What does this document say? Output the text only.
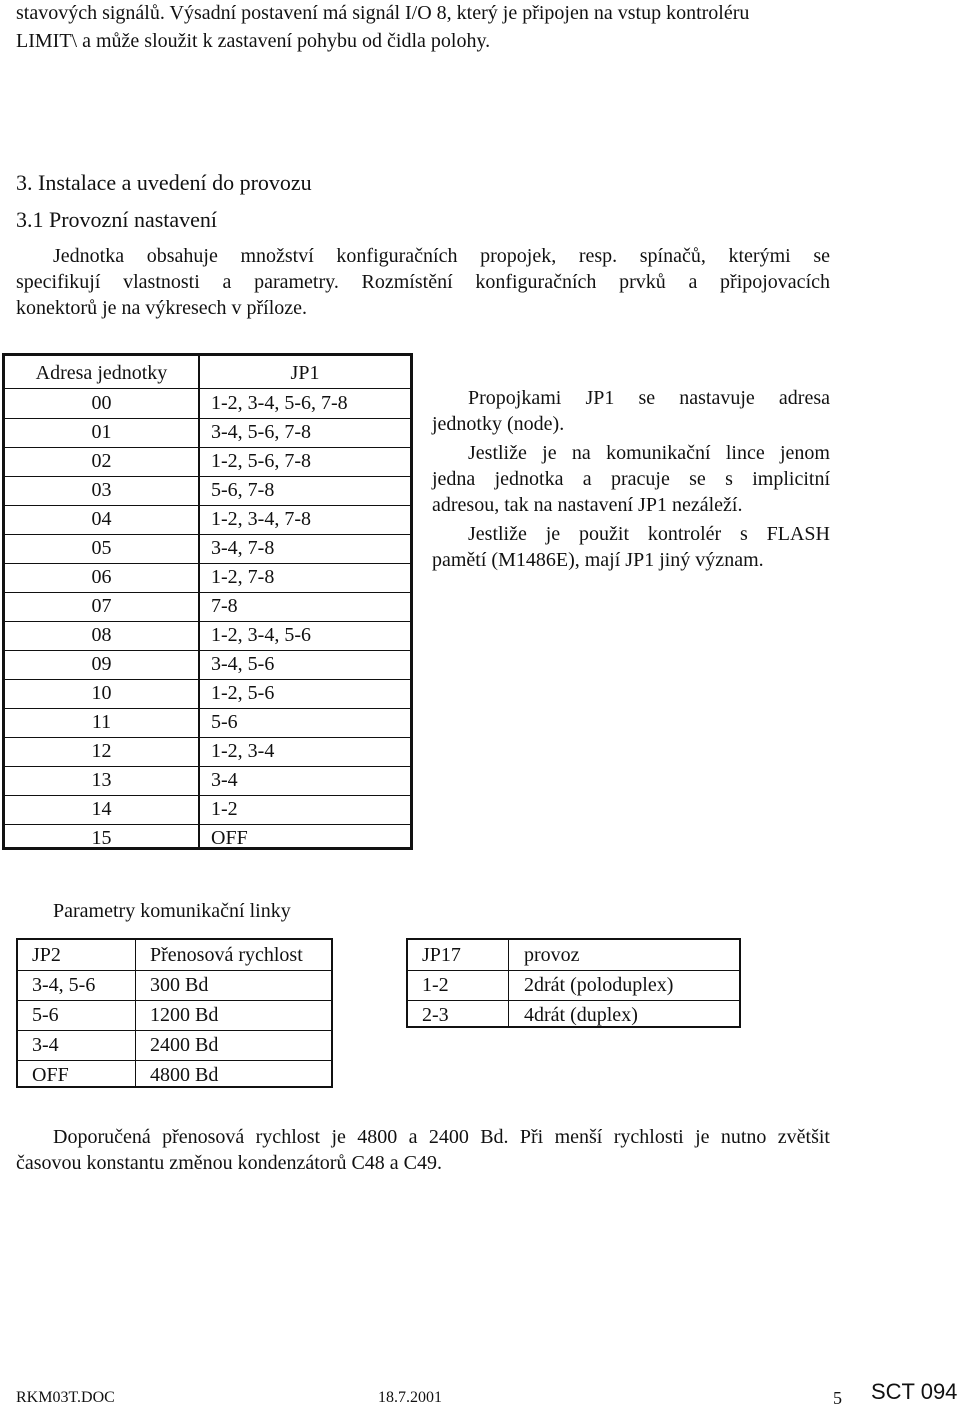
stavových signálů. Výsadní postavení má signál I/O 8, který je připojen na vstup kontroléru
LIMIT\ a může sloužit k zastavení pohybu od čidla polohy.
3. Instalace a uvedení do provozu
3.1 Provozní nastavení
Jednotka obsahuje množství konfiguračních propojek, resp. spínačů, kterými se
specifikují vlastnosti a parametry. Rozmístění konfiguračních prvků a připojovacích
konektorů je na výkresech v příloze.
Adresa jednotky	JP1
00	1-2, 3-4, 5-6, 7-8
01	3-4, 5-6, 7-8
02	1-2, 5-6, 7-8
03	5-6, 7-8
04	1-2, 3-4, 7-8
05	3-4, 7-8
06	1-2, 7-8
07	7-8
08	1-2, 3-4, 5-6
09	3-4, 5-6
10	1-2, 5-6
11	5-6
12	1-2, 3-4
13	3-4
14	1-2
15	OFF
Propojkami JP1 se nastavuje adresa
jednotky (node).
Jestliže je na komunikační lince jenom
jedna jednotka a pracuje se s implicitní
adresou, tak na nastavení JP1 nezáleží.
Jestliže je použit kontrolér s FLASH
pamětí (M1486E), mají JP1 jiný význam.
Parametry komunikační linky
JP2	Přenosová rychlost
3-4, 5-6	300 Bd
5-6	1200 Bd
3-4	2400 Bd
OFF	4800 Bd
JP17	provoz
1-2	2drát (poloduplex)
2-3	4drát (duplex)
Doporučená přenosová rychlost je 4800 a 2400 Bd. Při menší rychlosti je nutno zvětšit
časovou konstantu změnou kondenzátorů C48 a C49.
RKM03T.DOC	18.7.2001	5 SCT 094
